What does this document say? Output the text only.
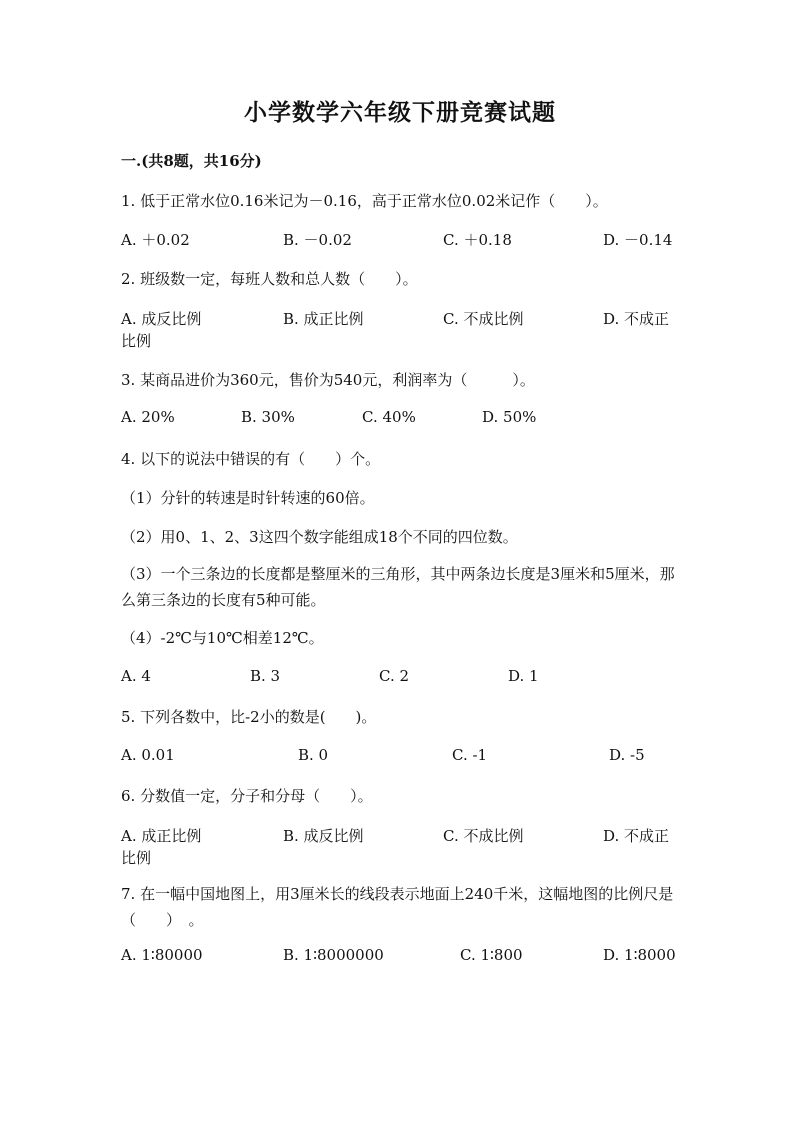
小学数学六年级下册竞赛试题
一.(共8题，共16分)
1. 低于正常水位0.16米记为－0.16，高于正常水位0.02米记作（　　）。
A. ＋0.02	B. －0.02	C. ＋0.18	D. －0.14
2. 班级数一定，每班人数和总人数（　　）。
A. 成反比例	B. 成正比例	C. 不成比例	D. 不成正
比例
3. 某商品进价为360元，售价为540元，利润率为（　　　）。
A. 20%	B. 30%	C. 40%	D. 50%
4. 以下的说法中错误的有（　　）个。
（1）分针的转速是时针转速的60倍。
（2）用0、1、2、3这四个数字能组成18个不同的四位数。
（3）一个三条边的长度都是整厘米的三角形，其中两条边长度是3厘米和5厘米，那么第三条边的长度有5种可能。
（4）-2℃与10℃相差12℃。
A. 4	B. 3	C. 2	D. 1
5. 下列各数中，比-2小的数是(　　)。
A. 0.01	B. 0	C. -1	D. -5
6. 分数值一定，分子和分母（　　）。
A. 成正比例	B. 成反比例	C. 不成比例	D. 不成正
比例
7. 在一幅中国地图上，用3厘米长的线段表示地面上240千米，这幅地图的比例尺是（　　）　。
A. 1∶80000	B. 1∶8000000	C. 1∶800	D. 1∶8000
